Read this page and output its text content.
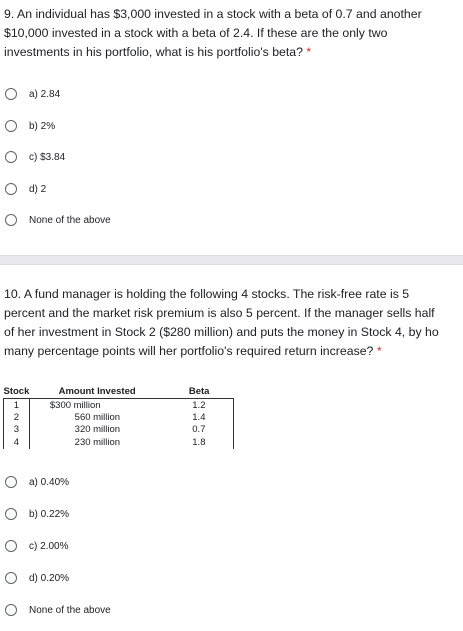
9. An individual has $3,000 invested in a stock with a beta of 0.7 and another
$10,000 invested in a stock with a beta of 2.4. If these are the only two
investments in his portfolio, what is his portfolio's beta? *
a) 2.84
b) 2%
c) $3.84
d) 2
None of the above
10. A fund manager is holding the following 4 stocks. The risk-free rate is 5
percent and the market risk premium is also 5 percent. If the manager sells half
of her investment in Stock 2 ($280 million) and puts the money in Stock 4, by ho
many percentage points will her portfolio's required return increase? *
Stock	Amount Invested	Beta
1	$300 million	1.2
2	560 million	1.4
3	320 million	0.7
4	230 million	1.8
a) 0.40%
b) 0.22%
c) 2.00%
d) 0.20%
None of the above
